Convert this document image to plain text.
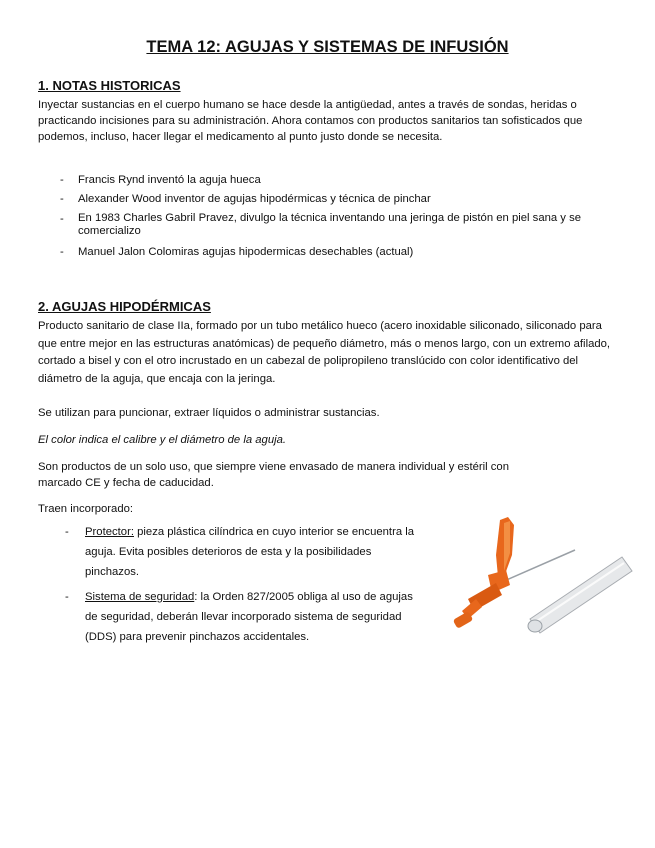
TEMA 12: AGUJAS Y SISTEMAS DE INFUSIÓN
1. NOTAS HISTORICAS
Inyectar sustancias en el cuerpo humano se hace desde la antigüedad, antes a través de sondas, heridas o practicando incisiones para su administración. Ahora contamos con productos sanitarios tan sofisticados que podemos, incluso, hacer llegar el medicamento al punto justo donde se necesita.
- Francis Rynd inventó la aguja hueca
- Alexander Wood inventor de agujas hipodérmicas y técnica de pinchar
- En 1983 Charles Gabril Pravez, divulgo la técnica inventando una jeringa de pistón en piel sana y se comercializo
- Manuel Jalon Colomiras agujas hipodermicas desechables (actual)
2. AGUJAS HIPODÉRMICAS
Producto sanitario de clase IIa, formado por un tubo metálico hueco (acero inoxidable siliconado, siliconado para que entre mejor en las estructuras anatómicas) de pequeño diámetro, más o menos largo, con un extremo afilado, cortado a bisel y con el otro incrustado en un cabezal de polipropileno translúcido con color identificativo del diámetro de la aguja, que encaja con la jeringa.
Se utilizan para puncionar, extraer líquidos o administrar sustancias.
El color indica el calibre y el diámetro de la aguja.
Son productos de un solo uso, que siempre viene envasado de manera individual y estéril con marcado CE y fecha de caducidad.
Traen incorporado:
- Protector: pieza plástica cilíndrica en cuyo interior se encuentra la aguja. Evita posibles deterioros de esta y la posibilidades pinchazos.
- Sistema de seguridad: la Orden 827/2005 obliga al uso de agujas de seguridad, deberán llevar incorporado sistema de seguridad (DDS) para prevenir pinchazos accidentales.
